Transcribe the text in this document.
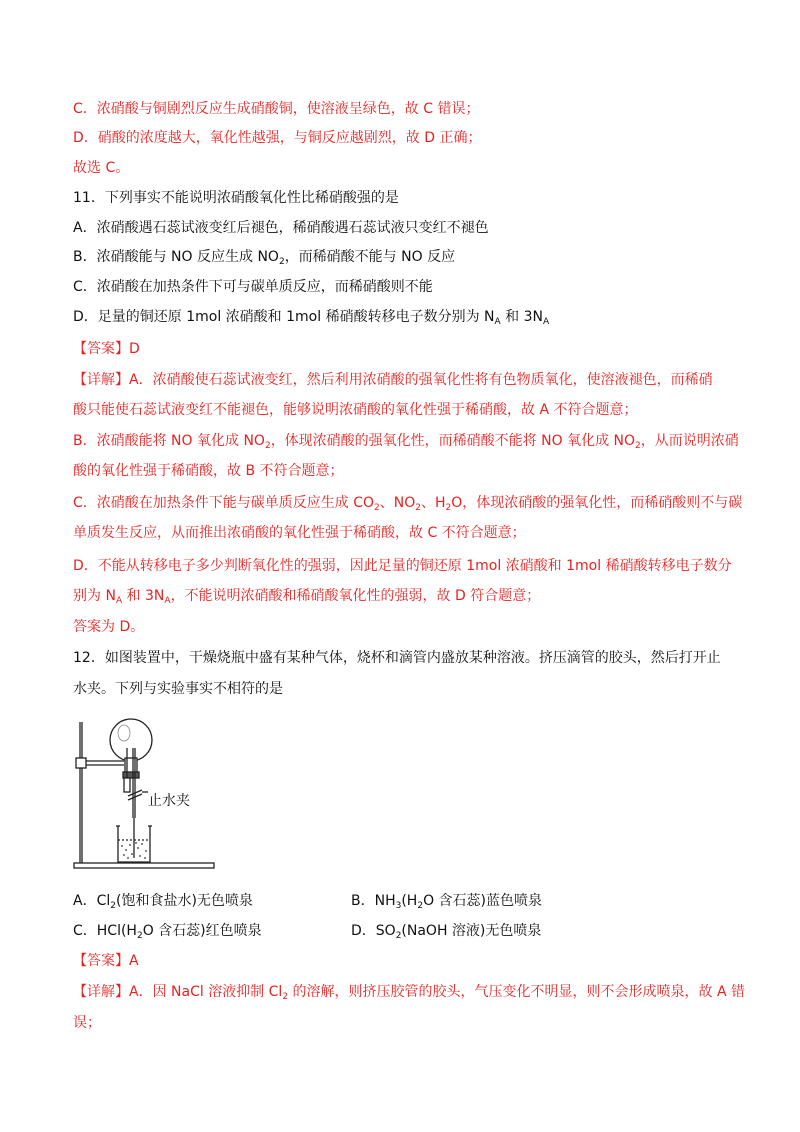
C．浓硝酸与铜剧烈反应生成硝酸铜，使溶液呈绿色，故 C 错误；
D．硝酸的浓度越大，氧化性越强，与铜反应越剧烈，故 D 正确；
故选 C。
11．下列事实不能说明浓硝酸氧化性比稀硝酸强的是
A．浓硝酸遇石蕊试液变红后褪色，稀硝酸遇石蕊试液只变红不褪色
B．浓硝酸能与 NO 反应生成 $NO_2$，而稀硝酸不能与 NO 反应
C．浓硝酸在加热条件下可与碳单质反应，而稀硝酸则不能
D．足量的铜还原 1mol 浓硝酸和 1mol 稀硝酸转移电子数分别为 $N_A$ 和 $3N_A$
【答案】D
【详解】A．浓硝酸使石蕊试液变红，然后利用浓硝酸的强氧化性将有色物质氧化，使溶液褪色，而稀硝
酸只能使石蕊试液变红不能褪色，能够说明浓硝酸的氧化性强于稀硝酸，故 A 不符合题意；
B．浓硝酸能将 NO 氧化成 $NO_2$，体现浓硝酸的强氧化性，而稀硝酸不能将 NO 氧化成 $NO_2$，从而说明浓硝
酸的氧化性强于稀硝酸，故 B 不符合题意；
C．浓硝酸在加热条件下能与碳单质反应生成 $CO_2$、$NO_2$、$H_2O$，体现浓硝酸的强氧化性，而稀硝酸则不与碳
单质发生反应，从而推出浓硝酸的氧化性强于稀硝酸，故 C 不符合题意；
D．不能从转移电子多少判断氧化性的强弱，因此足量的铜还原 1mol 浓硝酸和 1mol 稀硝酸转移电子数分
别为 $N_A$ 和 $3N_A$，不能说明浓硝酸和稀硝酸氧化性的强弱，故 D 符合题意；
答案为 D。
12．如图装置中，干燥烧瓶中盛有某种气体，烧杯和滴管内盛放某种溶液。挤压滴管的胶头，然后打开止
水夹。下列与实验事实不相符的是
止水夹
A．$Cl_2$(饱和食盐水)无色喷泉	B．$NH_3(H_2O$ 含石蕊)蓝色喷泉
C．$HCl(H_2O$ 含石蕊)红色喷泉	D．$SO_2(NaOH$ 溶液)无色喷泉
【答案】A
【详解】A．因 NaCl 溶液抑制 $Cl_2$ 的溶解，则挤压胶管的胶头，气压变化不明显，则不会形成喷泉，故 A 错
误；
